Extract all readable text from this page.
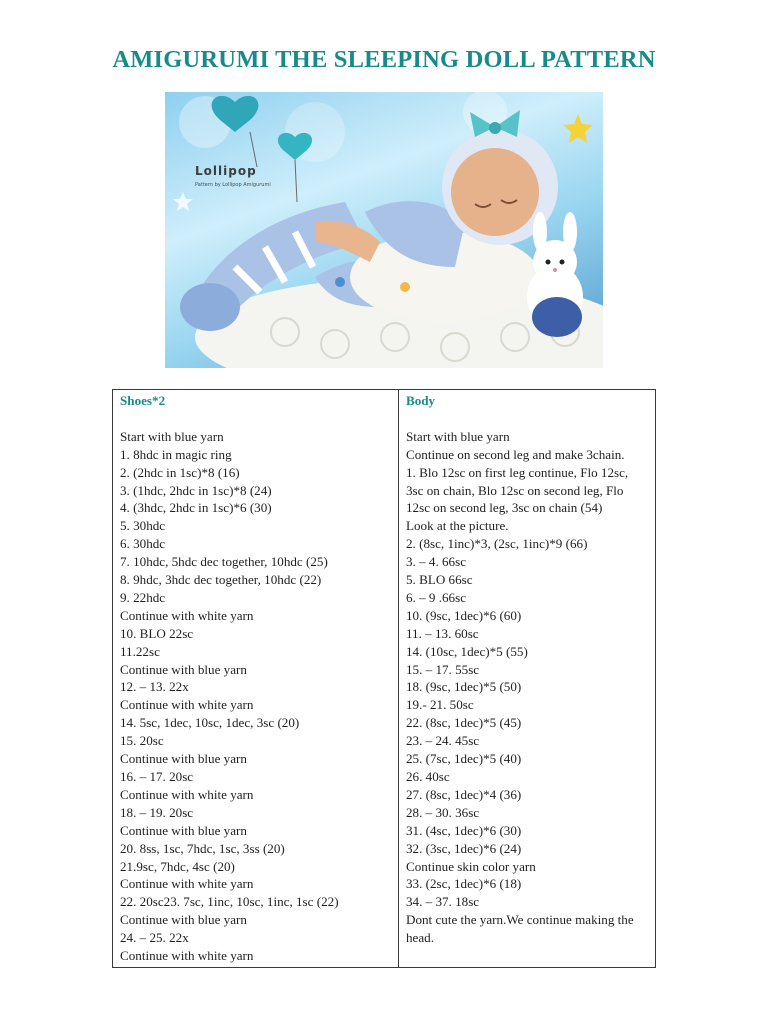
AMIGURUMI THE SLEEPING DOLL PATTERN
Lollipop
Pattern by Lollipop Amigurumi
Shoes*2
Start with blue yarn
1. 8hdc in magic ring
2. (2hdc in 1sc)*8 (16)
3. (1hdc, 2hdc in 1sc)*8 (24)
4. (3hdc, 2hdc in 1sc)*6 (30)
5. 30hdc
6. 30hdc
7. 10hdc, 5hdc dec together, 10hdc (25)
8. 9hdc, 3hdc dec together, 10hdc (22)
9. 22hdc
Continue with white yarn
10. BLO 22sc
11.22sc
Continue with blue yarn
12. – 13. 22x
Continue with white yarn
14. 5sc, 1dec, 10sc, 1dec, 3sc (20)
15. 20sc
Continue with blue yarn
16. – 17. 20sc
Continue with white yarn
18. – 19. 20sc
Continue with blue yarn
20. 8ss, 1sc, 7hdc, 1sc, 3ss (20)
21.9sc, 7hdc, 4sc (20)
Continue with white yarn
22. 20sc23. 7sc, 1inc, 10sc, 1inc, 1sc (22)
Continue with blue yarn
24. – 25. 22x
Continue with white yarn

Body
Start with blue yarn
Continue on second leg and make 3chain.
1. Blo 12sc on first leg continue, Flo 12sc, 3sc on chain, Blo 12sc on second leg, Flo 12sc on second leg, 3sc on chain (54)
Look at the picture.
2. (8sc, 1inc)*3, (2sc, 1inc)*9 (66)
3. – 4. 66sc
5. BLO 66sc
6. – 9 .66sc
10. (9sc, 1dec)*6 (60)
11. – 13. 60sc
14. (10sc, 1dec)*5 (55)
15. – 17. 55sc
18. (9sc, 1dec)*5 (50)
19.- 21. 50sc
22. (8sc, 1dec)*5 (45)
23. – 24. 45sc
25. (7sc, 1dec)*5 (40)
26. 40sc
27. (8sc, 1dec)*4 (36)
28. – 30. 36sc
31. (4sc, 1dec)*6 (30)
32. (3sc, 1dec)*6 (24)
Continue skin color yarn
33. (2sc, 1dec)*6 (18)
34. – 37. 18sc
Dont cute the yarn.We continue making the head.
